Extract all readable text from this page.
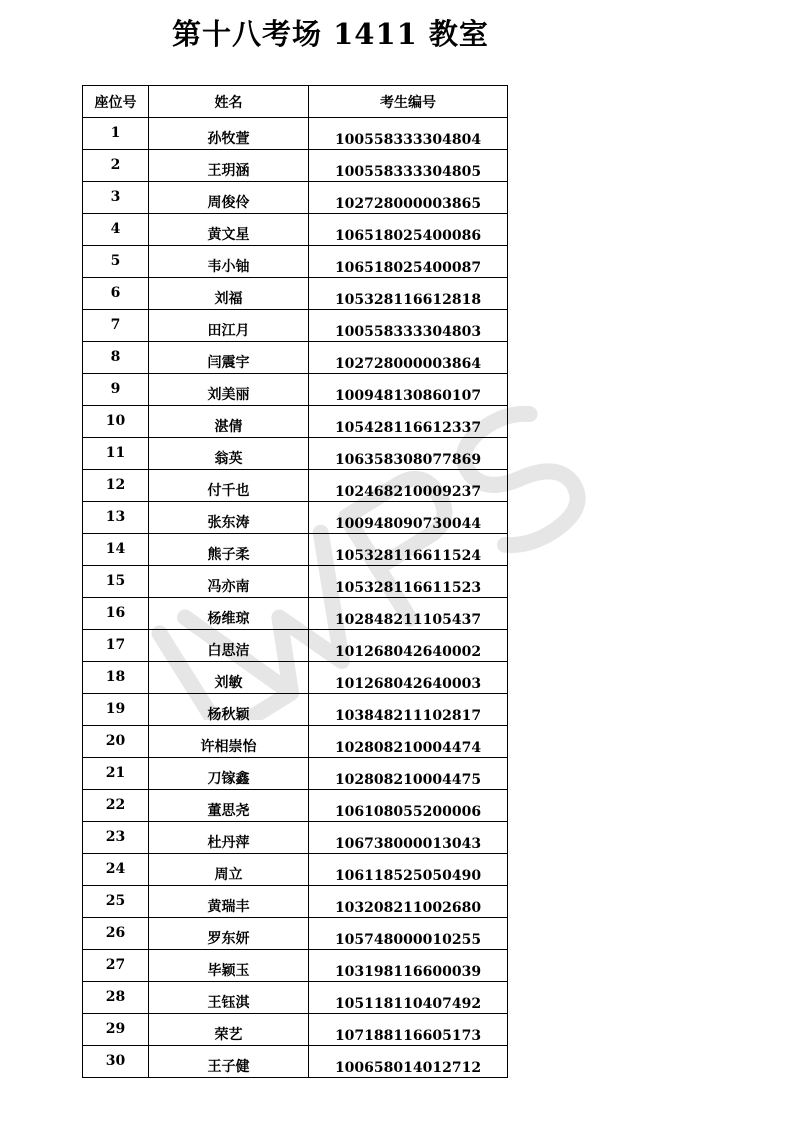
第十八考场 1411 教室
座位号	姓名	考生编号
1	孙牧萱	100558333304804
2	王玥涵	100558333304805
3	周俊伶	102728000003865
4	黄文星	106518025400086
5	韦小铀	106518025400087
6	刘福	105328116612818
7	田江月	100558333304803
8	闫震宇	102728000003864
9	刘美丽	100948130860107
10	湛倩	105428116612337
11	翁英	106358308077869
12	付千也	102468210009237
13	张东涛	100948090730044
14	熊子柔	105328116611524
15	冯亦南	105328116611523
16	杨维琼	102848211105437
17	白思洁	101268042640002
18	刘敏	101268042640003
19	杨秋颖	103848211102817
20	许相崇怡	102808210004474
21	刀镓鑫	102808210004475
22	董思尧	106108055200006
23	杜丹萍	106738000013043
24	周立	106118525050490
25	黄瑞丰	103208211002680
26	罗东妍	105748000010255
27	毕颖玉	103198116600039
28	王钰淇	105118110407492
29	荣艺	107188116605173
30	王子健	100658014012712
